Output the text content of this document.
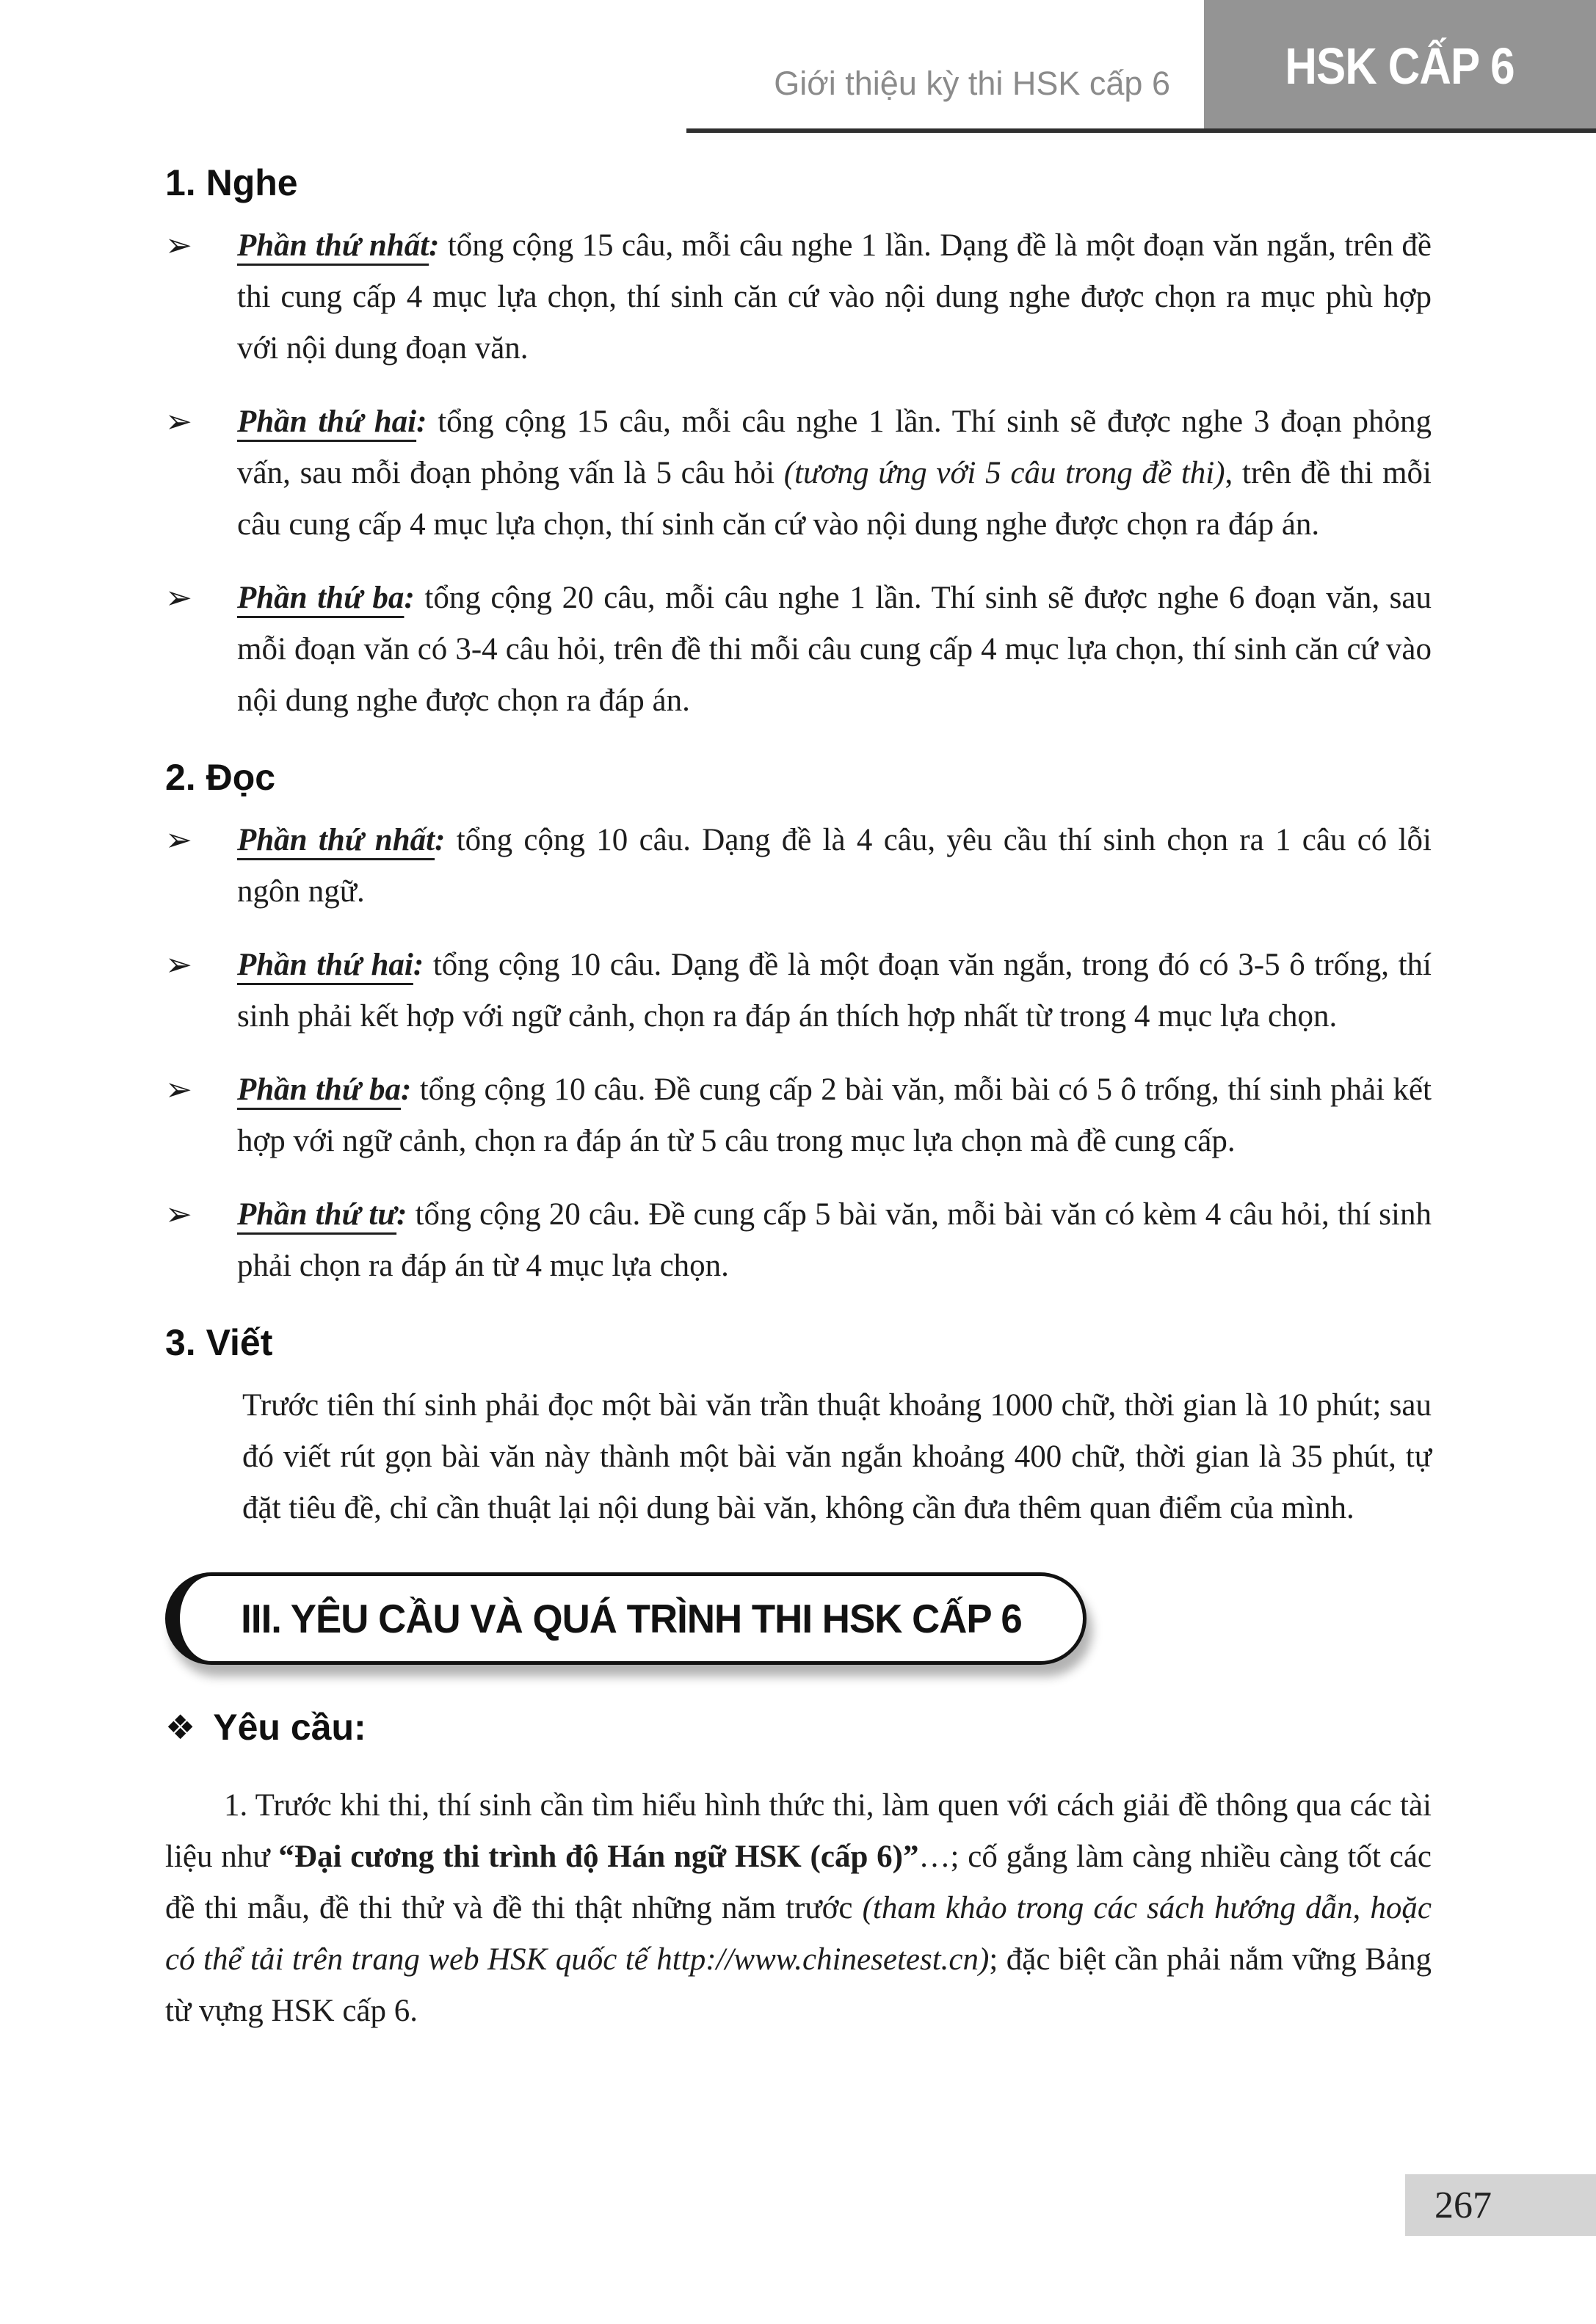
Giới thiệu kỳ thi HSK cấp 6	HSK CẤP 6
1. Nghe
➢	Phần thứ nhất: tổng cộng 15 câu, mỗi câu nghe 1 lần. Dạng đề là một đoạn văn ngắn, trên đề thi cung cấp 4 mục lựa chọn, thí sinh căn cứ vào nội dung nghe được chọn ra mục phù hợp với nội dung đoạn văn.
➢	Phần thứ hai: tổng cộng 15 câu, mỗi câu nghe 1 lần. Thí sinh sẽ được nghe 3 đoạn phỏng vấn, sau mỗi đoạn phỏng vấn là 5 câu hỏi (tương ứng với 5 câu trong đề thi), trên đề thi mỗi câu cung cấp 4 mục lựa chọn, thí sinh căn cứ vào nội dung nghe được chọn ra đáp án.
➢	Phần thứ ba: tổng cộng 20 câu, mỗi câu nghe 1 lần. Thí sinh sẽ được nghe 6 đoạn văn, sau mỗi đoạn văn có 3-4 câu hỏi, trên đề thi mỗi câu cung cấp 4 mục lựa chọn, thí sinh căn cứ vào nội dung nghe được chọn ra đáp án.
2. Đọc
➢	Phần thứ nhất: tổng cộng 10 câu. Dạng đề là 4 câu, yêu cầu thí sinh chọn ra 1 câu có lỗi ngôn ngữ.
➢	Phần thứ hai: tổng cộng 10 câu. Dạng đề là một đoạn văn ngắn, trong đó có 3-5 ô trống, thí sinh phải kết hợp với ngữ cảnh, chọn ra đáp án thích hợp nhất từ trong 4 mục lựa chọn.
➢	Phần thứ ba: tổng cộng 10 câu. Đề cung cấp 2 bài văn, mỗi bài có 5 ô trống, thí sinh phải kết hợp với ngữ cảnh, chọn ra đáp án từ 5 câu trong mục lựa chọn mà đề cung cấp.
➢	Phần thứ tư: tổng cộng 20 câu. Đề cung cấp 5 bài văn, mỗi bài văn có kèm 4 câu hỏi, thí sinh phải chọn ra đáp án từ 4 mục lựa chọn.
3. Viết

Trước tiên thí sinh phải đọc một bài văn trần thuật khoảng 1000 chữ, thời gian là 10 phút; sau đó viết rút gọn bài văn này thành một bài văn ngắn khoảng 400 chữ, thời gian là 35 phút, tự đặt tiêu đề, chỉ cần thuật lại nội dung bài văn, không cần đưa thêm quan điểm của mình.

III. YÊU CẦU VÀ QUÁ TRÌNH THI HSK CẤP 6
❖ Yêu cầu:

1. Trước khi thi, thí sinh cần tìm hiểu hình thức thi, làm quen với cách giải đề thông qua các tài liệu như “Đại cương thi trình độ Hán ngữ HSK (cấp 6)”…; cố gắng làm càng nhiều càng tốt các đề thi mẫu, đề thi thử và đề thi thật những năm trước (tham khảo trong các sách hướng dẫn, hoặc có thể tải trên trang web HSK quốc tế http://www.chinesetest.cn); đặc biệt cần phải nắm vững Bảng từ vựng HSK cấp 6.

267
